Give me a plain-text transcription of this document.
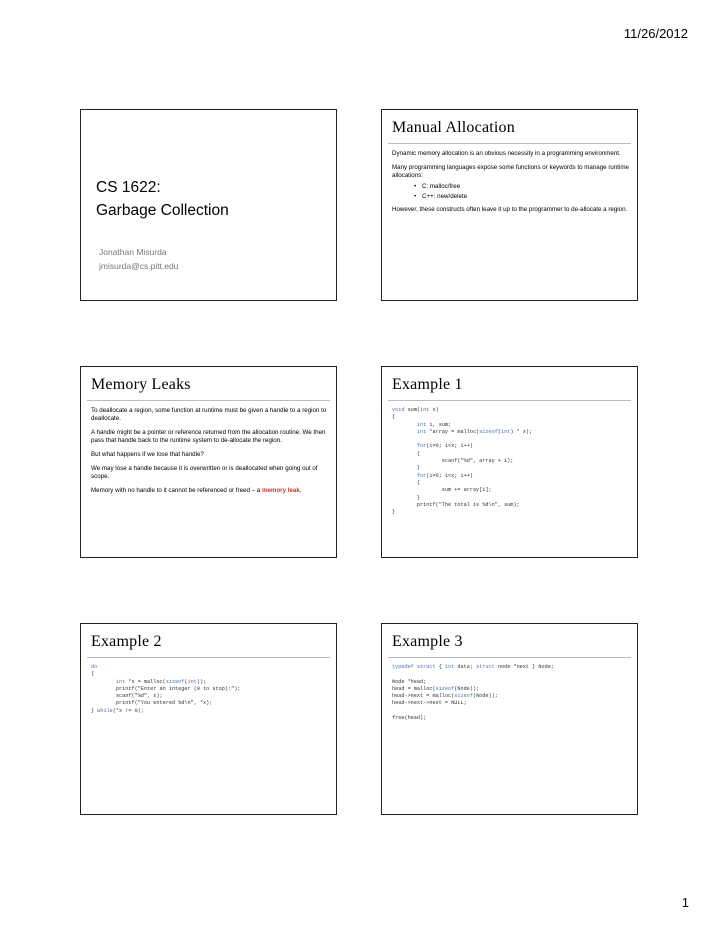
11/26/2012
CS 1622:
Garbage Collection
Jonathan Misurda
jmisurda@cs.pitt.edu
Manual Allocation

Dynamic memory allocation is an obvious necessity in a programming environment.

Many programming languages expose some functions or keywords to manage runtime allocations:

• C: malloc/free
• C++: new/delete

However, these constructs often leave it up to the programmer to de-allocate a region.

Memory Leaks

To deallocate a region, some function at runtime must be given a handle to a region to deallocate.

A handle might be a pointer or reference returned from the allocation routine. We then pass that handle back to the runtime system to de-allocate the region.

But what happens if we lose that handle?

We may lose a handle because it is overwritten or is deallocated when going out of scope.

Memory with no handle to it cannot be referenced or freed – a memory leak.

Example 1
void sum(int x)
{
int i, sum;
int *array = malloc(sizeof(int) * x);

for(i=0; i<x; i++)
{
scanf("%d", array + i);
}
for(i=0; i<x; i++)
{
sum += array[i];
}
printf("The total is %d\n", sum);
}
Example 2
do
{
int *x = malloc(sizeof(int));
printf("Enter an integer (0 to stop):");
scanf("%d", x);
printf("You entered %d\n", *x);
} while(*x != 0);
Example 3
typedef struct { int data; struct node *next } Node;

Node *head;
head = malloc(sizeof(Node));
head->next = malloc(sizeof(Node));
head->next->next = NULL;

free(head);
1
